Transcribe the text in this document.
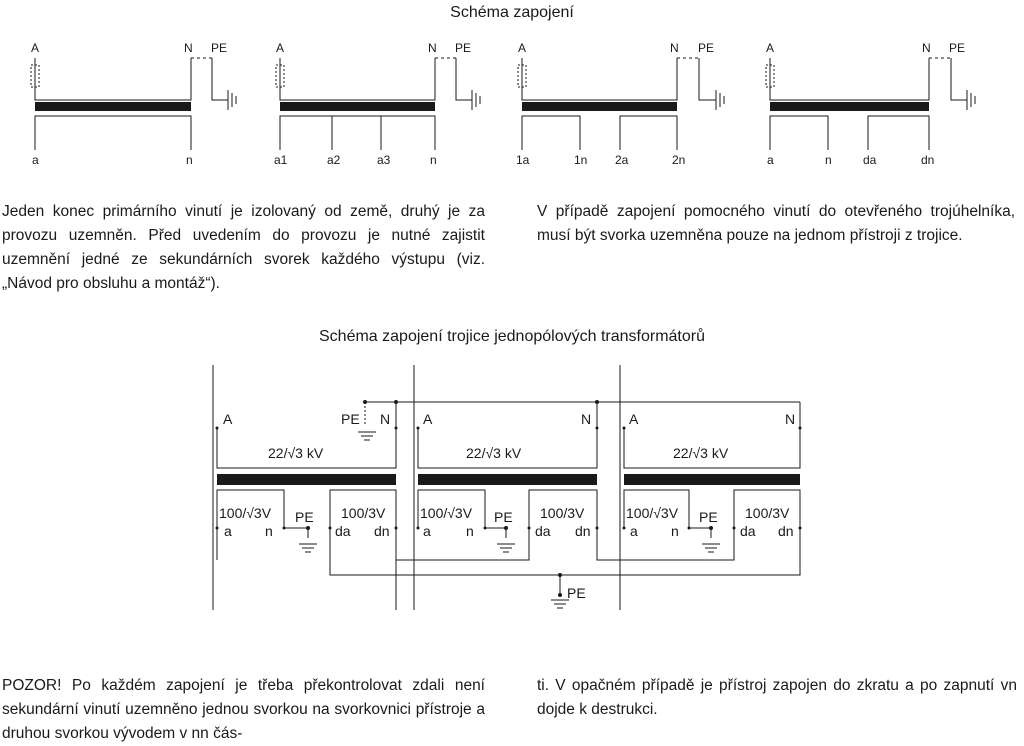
Schéma zapojení
A	N PE
a	n
A	N PE
a1	a2	a3	n
A	N PE
1a	1n 2a	2n
A	N PE
a	n	da	dn
Jeden konec primárního vinutí je izolovaný od země, druhý je za provozu uzemněn. Před uvedením do provozu je nutné zajistit uzemnění jedné ze sekundárních svorek každého výstupu (viz. „Návod pro obsluhu a montáž“).
V případě zapojení pomocného vinutí do otevřeného trojúhelníka, musí být svorka uzemněna pouze na jednom přístroji z trojice.
Schéma zapojení trojice jednopólových transformátorů
A	PE N
22/√3 kV
100/√3V
a n
PE 100/3V
da dn
A	N
22/√3 kV
100/√3V
a	n
PE 100/3V
da dn
A	N
22/√3 kV
100/√3V
a n
PE 100/3V
da dn
PE
POZOR! Po každém zapojení je třeba překontrolovat zdali není sekundární vinutí uzemněno jednou svorkou na svorkovnici přístroje a druhou svorkou vývodem v nn čás-
ti. V opačném případě je přístroj zapojen do zkratu a po zapnutí vn dojde k destrukci.
